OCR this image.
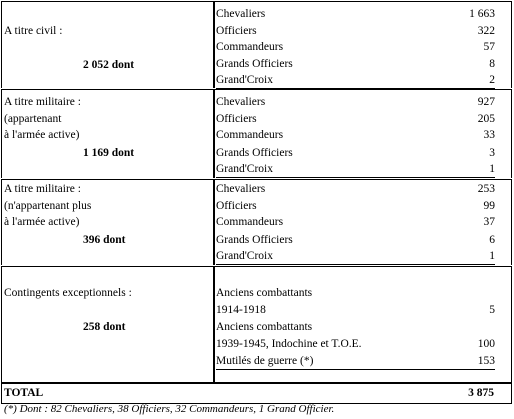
A titre civil :
2 052 dont
Chevaliers	1 663
Officiers	322
Commandeurs	57
Grands Officiers	8
Grand'Croix	2
A titre militaire :
(appartenant
à l'armée active)
1 169 dont
Chevaliers	927
Officiers	205
Commandeurs	33
Grands Officiers	3
Grand'Croix	1
A titre militaire :
(n'appartenant plus
à l'armée active)
396 dont
Chevaliers	253
Officiers	99
Commandeurs	37
Grands Officiers	6
Grand'Croix	1
Contingents exceptionnels :
258 dont
Anciens combattants
1914-1918	5
Anciens combattants
1939-1945, Indochine et T.O.E.	100
Mutilés de guerre (*)	153
TOTAL	3 875
(*) Dont : 82 Chevaliers, 38 Officiers, 32 Commandeurs, 1 Grand Officier.
